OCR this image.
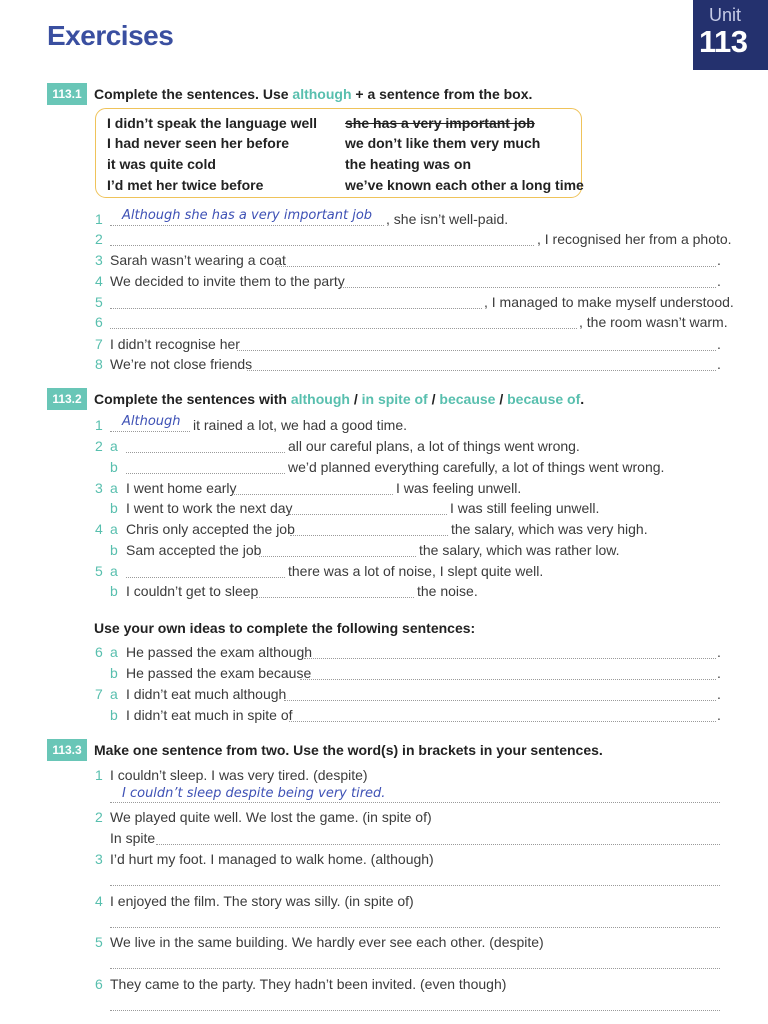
Exercises
Unit
113
113.1 Complete the sentences. Use although + a sentence from the box.
I didn’t speak the language well
I had never seen her before
it was quite cold
I’d met her twice before
she has a very important job
we don’t like them very much
the heating was on
we’ve known each other a long time
1 Although she has a very important job , she isn’t well-paid.
2	, I recognised her from a photo.
3 Sarah wasn’t wearing a coat	.
4 We decided to invite them to the party	.
5	, I managed to make myself understood.
6	, the room wasn’t warm.
7 I didn’t recognise her	.
8 We’re not close friends	.
113.2 Complete the sentences with although / in spite of / because / because of.
1 Although it rained a lot, we had a good time.
2 a	all our careful plans, a lot of things went wrong.
b	we’d planned everything carefully, a lot of things went wrong.
3 a I went home early	I was feeling unwell.
b I went to work the next day	I was still feeling unwell.
4 a Chris only accepted the job	the salary, which was very high.
b Sam accepted the job	the salary, which was rather low.
5 a	there was a lot of noise, I slept quite well.
b I couldn’t get to sleep	the noise.
Use your own ideas to complete the following sentences:
6 a He passed the exam although	.
b He passed the exam because	.
7 a I didn’t eat much although	.
b I didn’t eat much in spite of	.
113.3 Make one sentence from two. Use the word(s) in brackets in your sentences.
1 I couldn’t sleep. I was very tired. (despite)
I couldn’t sleep despite being very tired.
2 We played quite well. We lost the game. (in spite of)
In spite
3 I’d hurt my foot. I managed to walk home. (although)
4 I enjoyed the film. The story was silly. (in spite of)
5 We live in the same building. We hardly ever see each other. (despite)
6 They came to the party. They hadn’t been invited. (even though)
